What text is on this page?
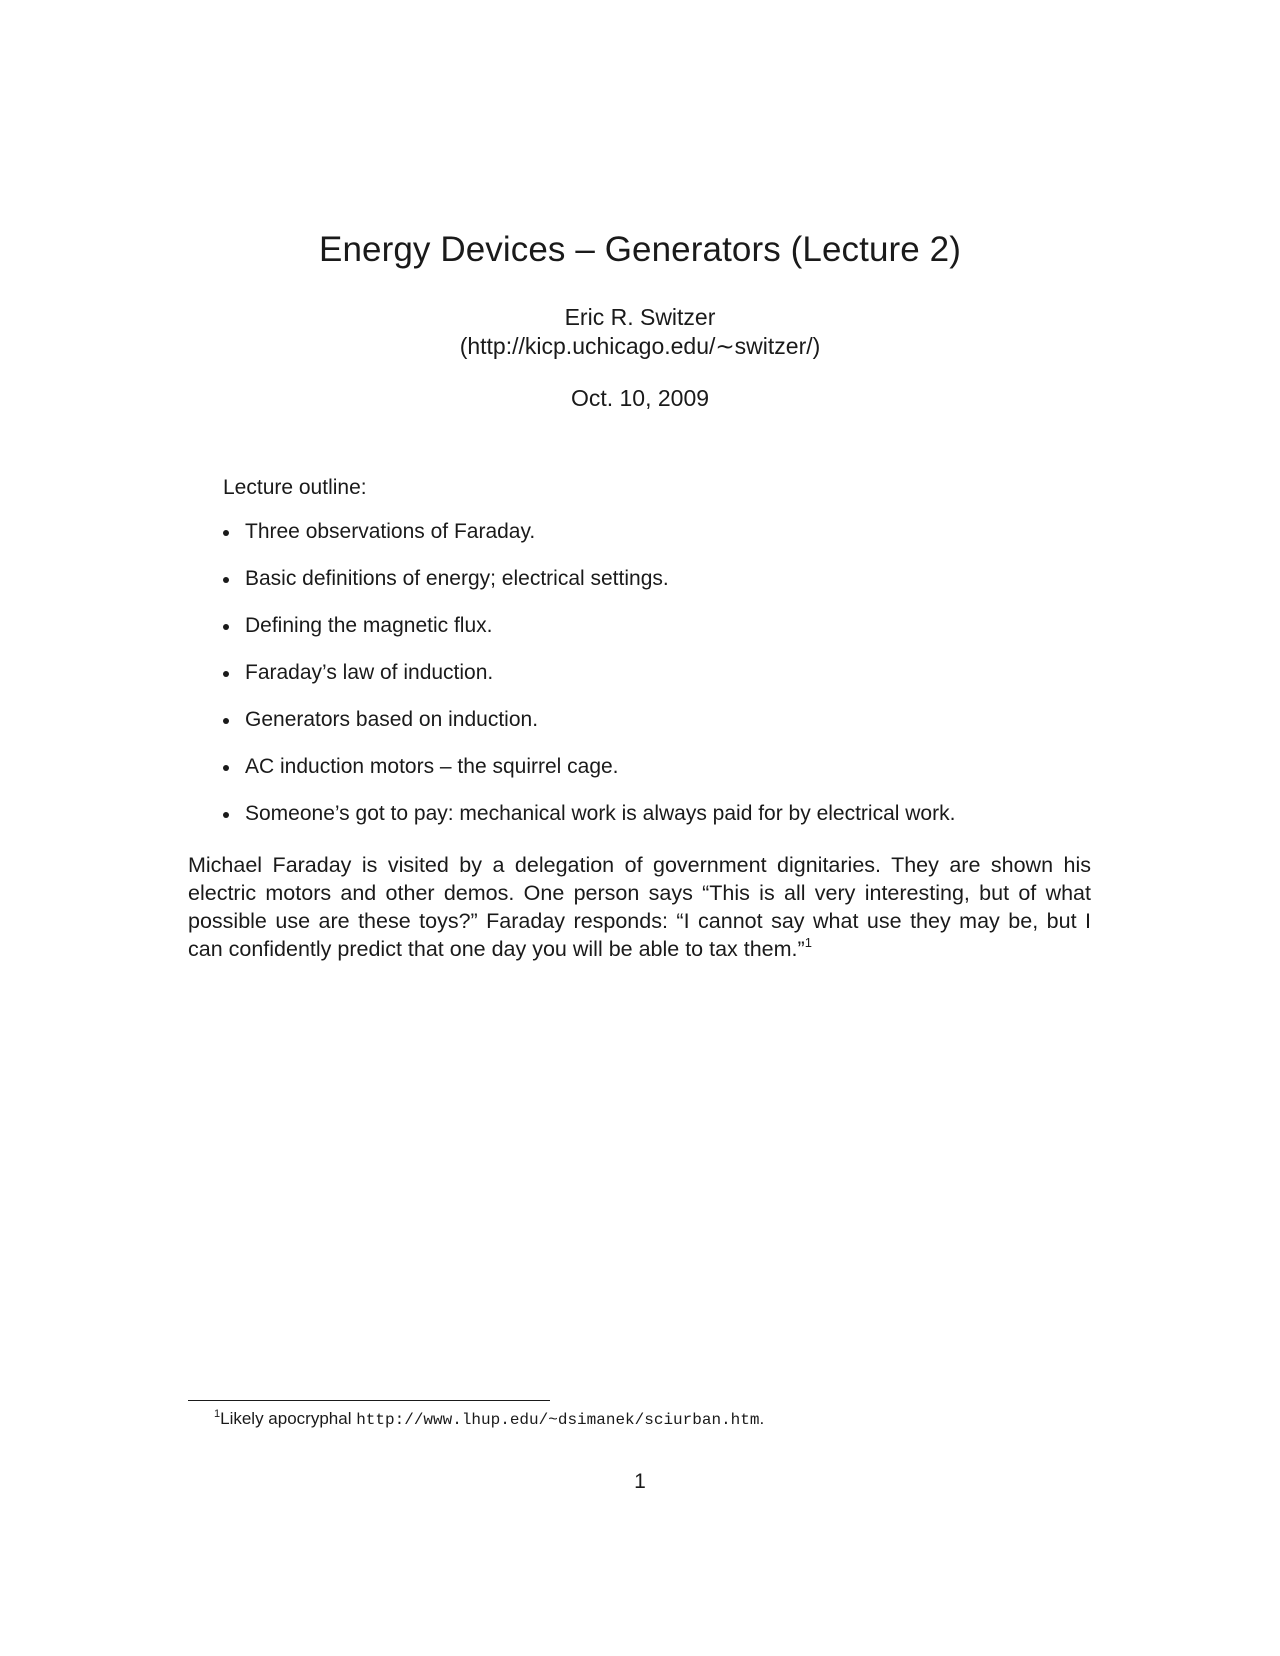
Energy Devices – Generators (Lecture 2)
Eric R. Switzer
(http://kicp.uchicago.edu/∼switzer/)
Oct. 10, 2009
Lecture outline:
Three observations of Faraday.
Basic definitions of energy; electrical settings.
Defining the magnetic flux.
Faraday’s law of induction.
Generators based on induction.
AC induction motors – the squirrel cage.
Someone’s got to pay: mechanical work is always paid for by electrical work.
Michael Faraday is visited by a delegation of government dignitaries. They are shown his electric motors and other demos. One person says “This is all very interesting, but of what possible use are these toys?” Faraday responds: “I cannot say what use they may be, but I can confidently predict that one day you will be able to tax them.”$^1$
$^1$Likely apocryphal http://www.lhup.edu/~dsimanek/sciurban.htm.
1
